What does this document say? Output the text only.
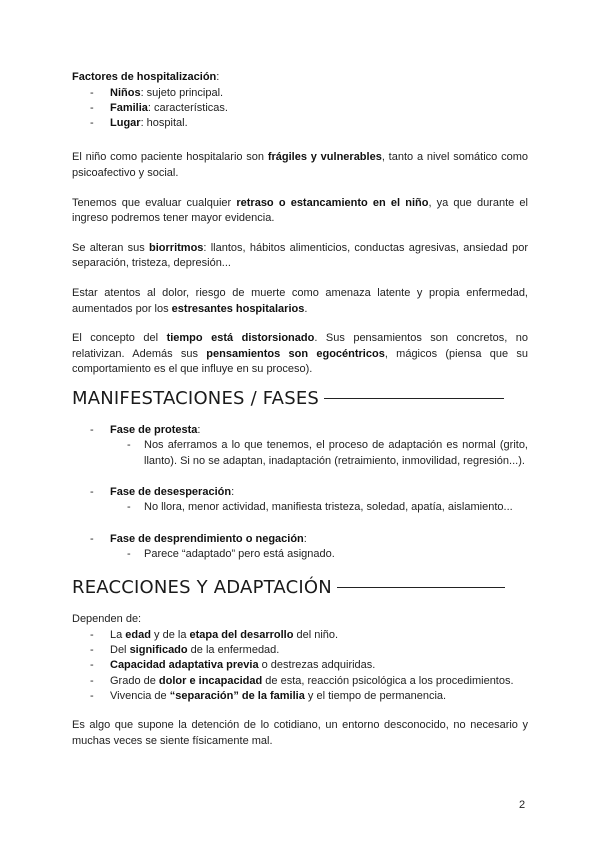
Factores de hospitalización:

- Niños: sujeto principal.
- Familia: características.
- Lugar: hospital.

El niño como paciente hospitalario son frágiles y vulnerables, tanto a nivel somático como psicoafectivo y social.

Tenemos que evaluar cualquier retraso o estancamiento en el niño, ya que durante el ingreso podremos tener mayor evidencia.

Se alteran sus biorritmos: llantos, hábitos alimenticios, conductas agresivas, ansiedad por separación, tristeza, depresión...

Estar atentos al dolor, riesgo de muerte como amenaza latente y propia enfermedad, aumentados por los estresantes hospitalarios.

El concepto del tiempo está distorsionado. Sus pensamientos son concretos, no relativizan. Además sus pensamientos son egocéntricos, mágicos (piensa que su comportamiento es el que influye en su proceso).

MANIFESTACIONES / FASES
- Fase de protesta:
- Nos aferramos a lo que tenemos, el proceso de adaptación es normal (grito, llanto). Si no se adaptan, inadaptación (retraimiento, inmovilidad, regresión...).
- Fase de desesperación:
- No llora, menor actividad, manifiesta tristeza, soledad, apatía, aislamiento...
- Fase de desprendimiento o negación:
- Parece “adaptado” pero está asignado.
REACCIONES Y ADAPTACIÓN

Dependen de:

- La edad y de la etapa del desarrollo del niño.
- Del significado de la enfermedad.
- Capacidad adaptativa previa o destrezas adquiridas.
- Grado de dolor e incapacidad de esta, reacción psicológica a los procedimientos.
- Vivencia de “separación” de la familia y el tiempo de permanencia.

Es algo que supone la detención de lo cotidiano, un entorno desconocido, no necesario y muchas veces se siente físicamente mal.

2
